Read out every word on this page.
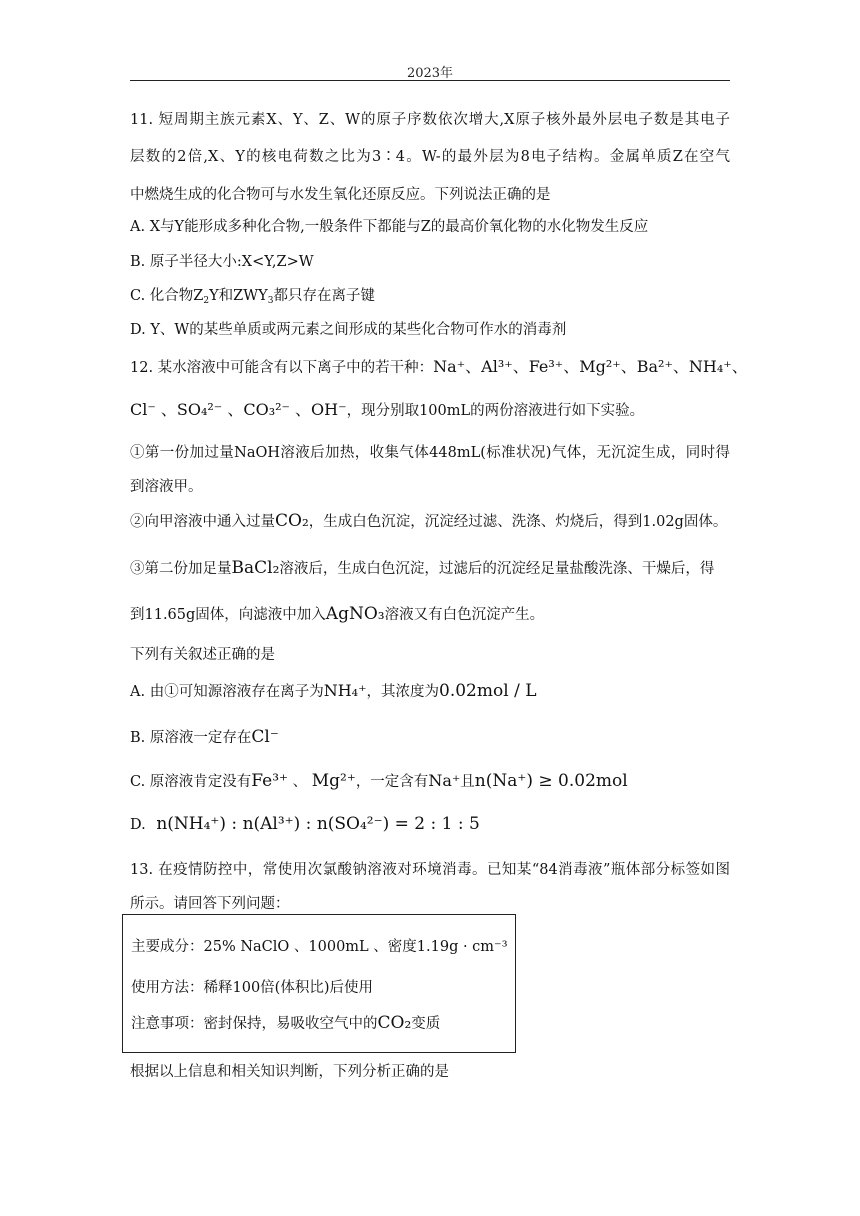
2023年
11. 短周期主族元素X、Y、Z、W的原子序数依次增大,X原子核外最外层电子数是其电子
层数的2倍,X、Y的核电荷数之比为3∶4。W-的最外层为8电子结构。金属单质Z在空气
中燃烧生成的化合物可与水发生氧化还原反应。下列说法正确的是
A. X与Y能形成多种化合物,一般条件下都能与Z的最高价氧化物的水化物发生反应
B. 原子半径大小:X<Y,Z>W
C. 化合物$Z_2Y$和$ZWY_3$都只存在离子键
D. Y、W的某些单质或两元素之间形成的某些化合物可作水的消毒剂
12. 某水溶液中可能含有以下离子中的若干种：Na⁺、Al³⁺、Fe³⁺、Mg²⁺、Ba²⁺、NH₄⁺、
Cl⁻ 、SO₄²⁻ 、CO₃²⁻ 、OH⁻，现分别取100mL的两份溶液进行如下实验。
①第一份加过量NaOH溶液后加热，收集气体448mL(标准状况)气体，无沉淀生成，同时得
到溶液甲。
②向甲溶液中通入过量CO₂，生成白色沉淀，沉淀经过滤、洗涤、灼烧后，得到1.02g固体。
③第二份加足量BaCl₂溶液后，生成白色沉淀，过滤后的沉淀经足量盐酸洗涤、干燥后，得
到11.65g固体，向滤液中加入AgNO₃溶液又有白色沉淀产生。
下列有关叙述正确的是
A. 由①可知源溶液存在离子为NH₄⁺，其浓度为0.02mol / L
B. 原溶液一定存在Cl⁻
C. 原溶液肯定没有Fe³⁺ 、 Mg²⁺，一定含有Na⁺且n(Na⁺) ≥ 0.02mol
D. n(NH₄⁺) : n(Al³⁺) : n(SO₄²⁻) = 2 : 1 : 5
13. 在疫情防控中，常使用次氯酸钠溶液对环境消毒。已知某“84消毒液”瓶体部分标签如图
所示。请回答下列问题：
主要成分：25% NaClO 、1000mL 、密度1.19g · cm⁻³
使用方法：稀释100倍(体积比)后使用
注意事项：密封保持，易吸收空气中的CO₂变质
根据以上信息和相关知识判断，下列分析正确的是
